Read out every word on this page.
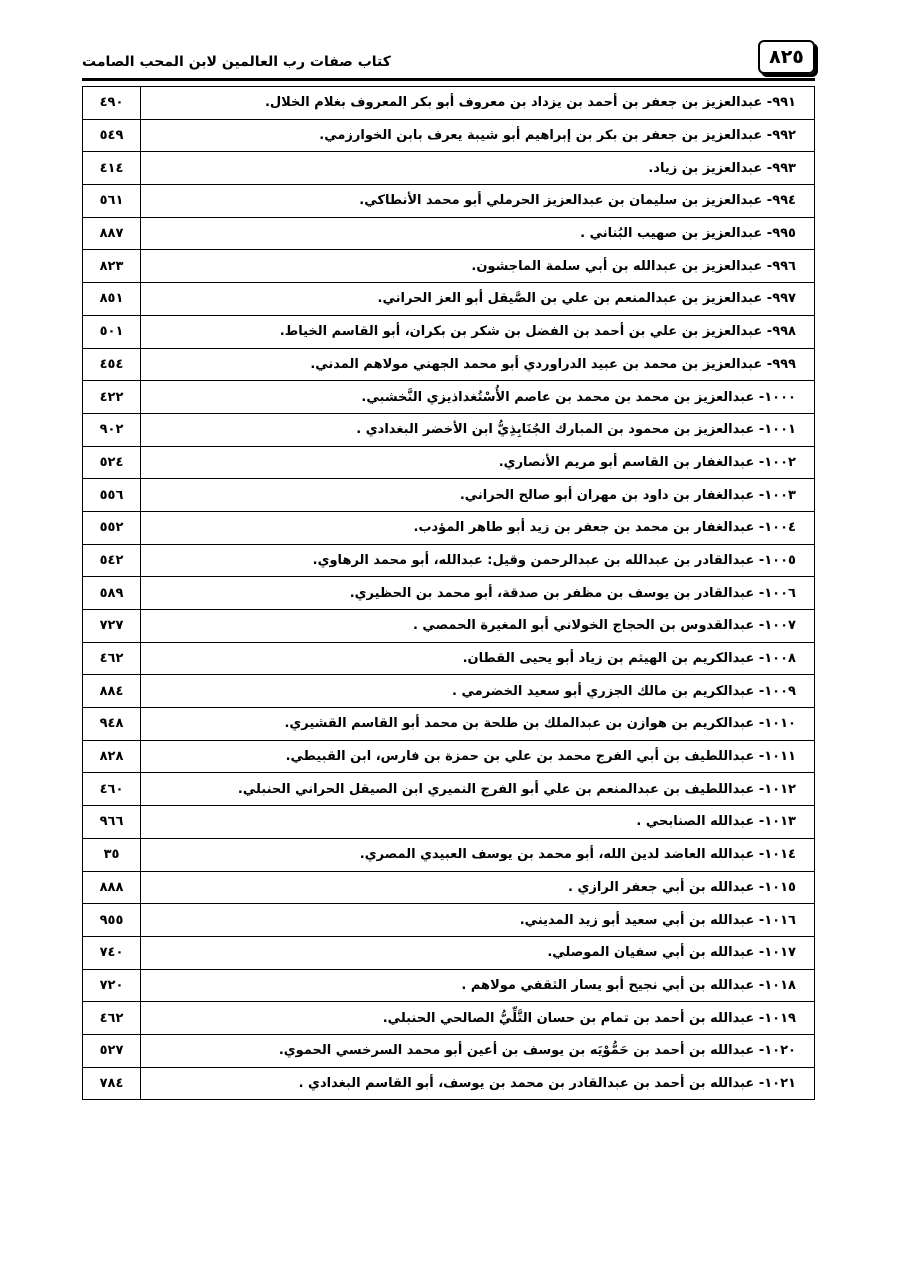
كتاب صفات رب العالمين لابن المحب الصامت	٨٢٥
٤٩٠	٩٩١- عبدالعزيز بن جعفر بن أحمد بن يزداد بن معروف أبو بكر المعروف بغلام الخلال.
٥٤٩	٩٩٢- عبدالعزيز بن جعفر بن بكر بن إبراهيم أبو شيبة يعرف بابن الخوارزمي.
٤١٤	٩٩٣- عبدالعزيز بن زياد.
٥٦١	٩٩٤- عبدالعزيز بن سليمان بن عبدالعزيز الحرملي أبو محمد الأنطاكي.
٨٨٧	٩٩٥- عبدالعزيز بن صهيب البُناني .
٨٢٣	٩٩٦- عبدالعزيز بن عبدالله بن أبي سلمة الماجشون.
٨٥١	٩٩٧- عبدالعزيز بن عبدالمنعم بن علي بن الصَّيقل أبو العز الحراني.
٥٠١	٩٩٨- عبدالعزيز بن علي بن أحمد بن الفضل بن شكر بن بكران، أبو القاسم الخياط.
٤٥٤	٩٩٩- عبدالعزيز بن محمد بن عبيد الدراوردي أبو محمد الجهني مولاهم المدني.
٤٢٢	١٠٠٠- عبدالعزيز بن محمد بن محمد بن عاصم الأُسْتُغداذيزي النَّخشبي.
٩٠٢	١٠٠١- عبدالعزيز بن محمود بن المبارك الجُنَابِذِيُّ ابن الأخضر البغدادي .
٥٢٤	١٠٠٢- عبدالغفار بن القاسم أبو مريم الأنصاري.
٥٥٦	١٠٠٣- عبدالغفار بن داود بن مهران أبو صالح الحراني.
٥٥٢	١٠٠٤- عبدالغفار بن محمد بن جعفر بن زيد أبو طاهر المؤدب.
٥٤٢	١٠٠٥- عبدالقادر بن عبدالله بن عبدالرحمن وقيل: عبدالله، أبو محمد الرهاوي.
٥٨٩	١٠٠٦- عبدالقادر بن يوسف بن مظفر بن صدقة، أبو محمد بن الحظيري.
٧٢٧	١٠٠٧- عبدالقدوس بن الحجاج الخولاني أبو المغيرة الحمصي .
٤٦٢	١٠٠٨- عبدالكريم بن الهيثم بن زياد أبو يحيى القطان.
٨٨٤	١٠٠٩- عبدالكريم بن مالك الجزري أبو سعيد الخضرمي .
٩٤٨	١٠١٠- عبدالكريم بن هوازن بن عبدالملك بن طلحة بن محمد أبو القاسم القشيري.
٨٢٨	١٠١١- عبداللطيف بن أبي الفرج محمد بن علي بن حمزة بن فارس، ابن القبيطي.
٤٦٠	١٠١٢- عبداللطيف بن عبدالمنعم بن علي أبو الفرج النميري ابن الصيقل الحراني الحنبلي.
٩٦٦	١٠١٣- عبدالله الصنابحي .
٣٥	١٠١٤- عبدالله العاضد لدين الله، أبو محمد بن يوسف العبيدي المصري.
٨٨٨	١٠١٥- عبدالله بن أبي جعفر الرازي .
٩٥٥	١٠١٦- عبدالله بن أبي سعيد أبو زيد المديني.
٧٤٠	١٠١٧- عبدالله بن أبي سفيان الموصلي.
٧٢٠	١٠١٨- عبدالله بن أبي نجيح أبو يسار الثقفي مولاهم .
٤٦٢	١٠١٩- عبدالله بن أحمد بن تمام بن حسان التَّلِّيُّ الصالحي الحنبلي.
٥٢٧	١٠٢٠- عبدالله بن أحمد بن حَمُّوْيَه بن يوسف بن أعين أبو محمد السرخسي الحموي.
٧٨٤	١٠٢١- عبدالله بن أحمد بن عبدالقادر بن محمد بن يوسف، أبو القاسم البغدادي .
